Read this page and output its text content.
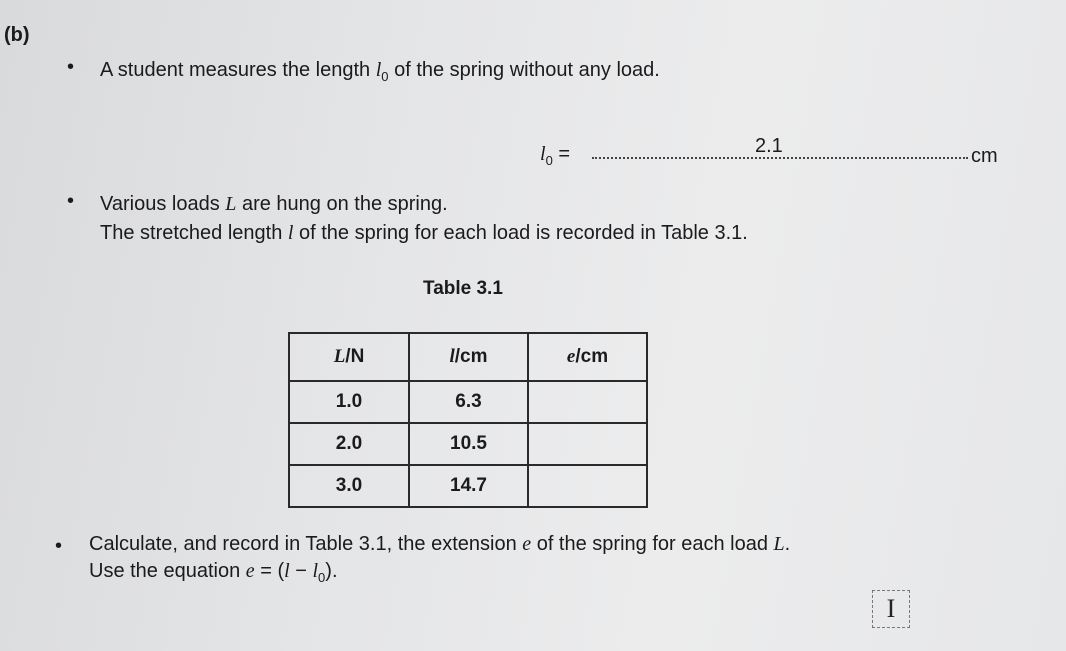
(b)
• A student measures the length $l_0$ of the spring without any load.
$l_0$ =	2.1	cm
• Various loads L are hung on the spring.
The stretched length l of the spring for each load is recorded in Table 3.1.
Table 3.1
L/N	l/cm	e/cm
1.0	6.3	
2.0	10.5	
3.0	14.7	
• Calculate, and record in Table 3.1, the extension e of the spring for each load L.
Use the equation $e = (l - l_0)$.
I
